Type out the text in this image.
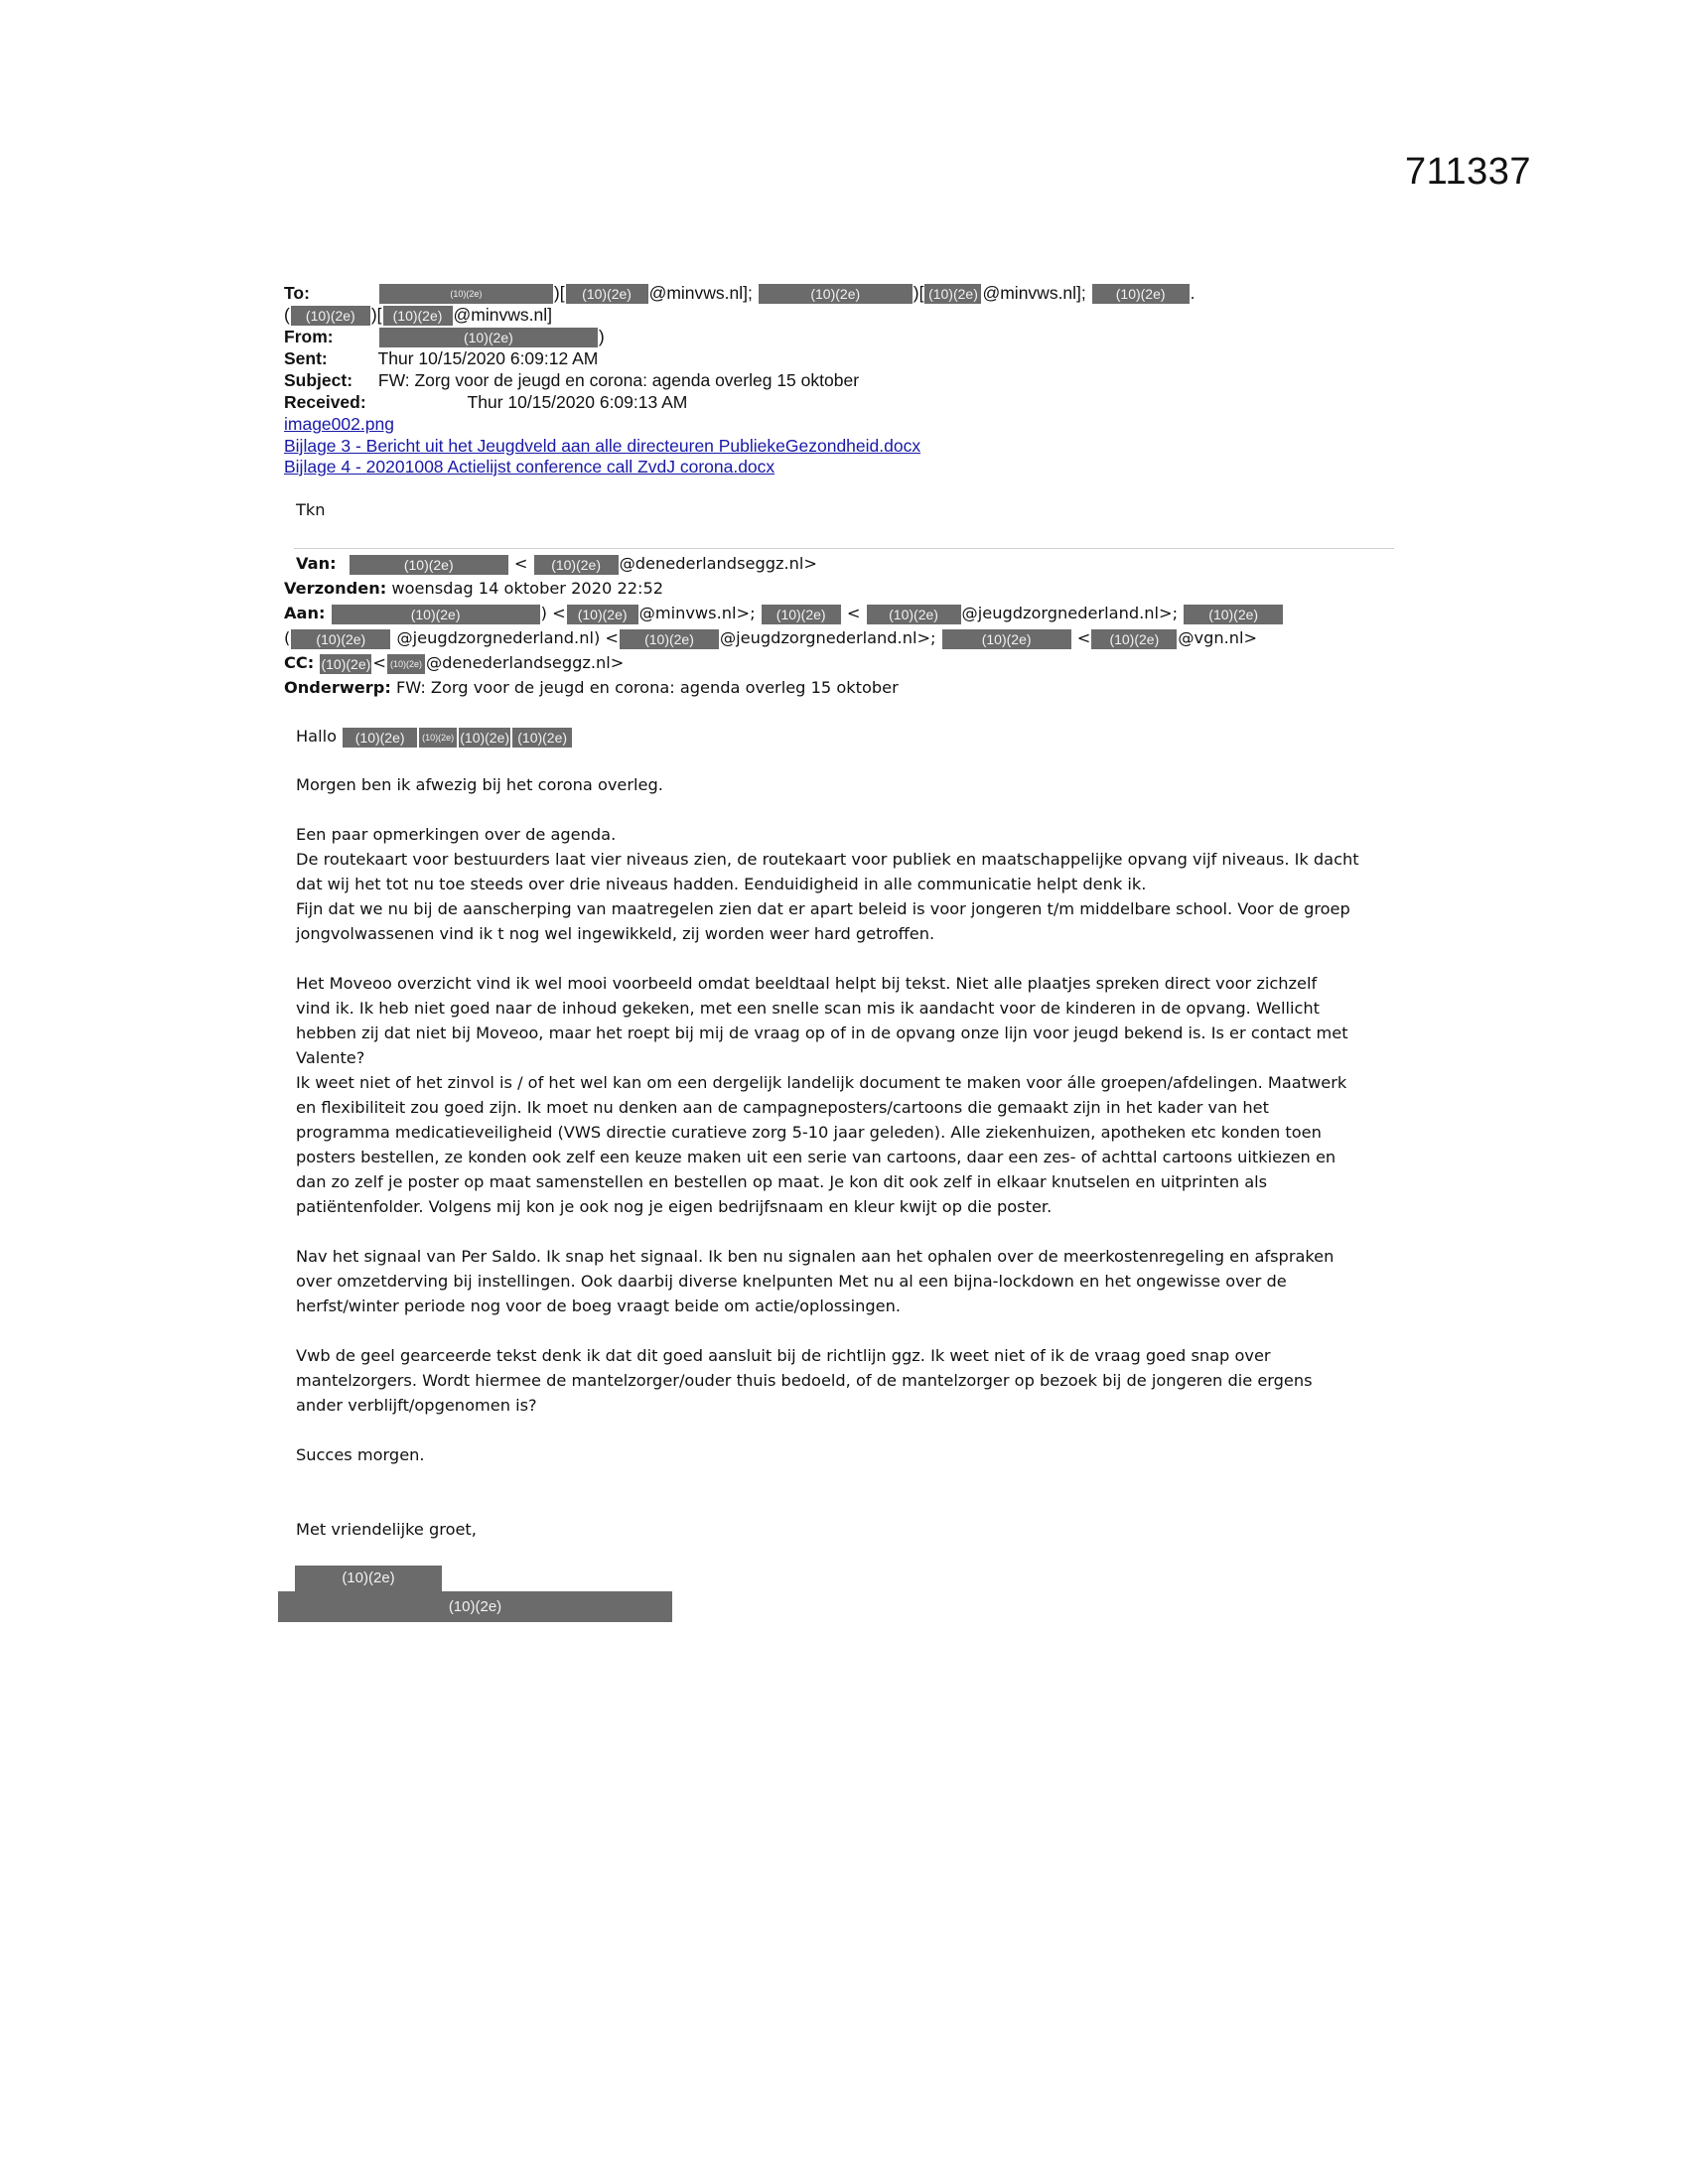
711337
To:	(10)(2e)	)[ (10)(2e) @minvws.nl];	(10)(2e)	)[ (10)(2e) @minvws.nl]; (10)(2e) .
( (10)(2e) )[ (10)(2e) @minvws.nl]
From:	(10)(2e)	)
Sent:	Thur 10/15/2020 6:09:12 AM
Subject: FW: Zorg voor de jeugd en corona: agenda overleg 15 oktober
Received:	Thur 10/15/2020 6:09:13 AM
image002.png
Bijlage 3 - Bericht uit het Jeugdveld aan alle directeuren PubliekeGezondheid.docx
Bijlage 4 - 20201008 Actielijst conference call ZvdJ corona.docx
Tkn
Van:	(10)(2e)	< (10)(2e) @denederlandseggz.nl>
Verzonden: woensdag 14 oktober 2020 22:52
Aan:	(10)(2e)	) < (10)(2e) @minvws.nl>; (10)(2e) < (10)(2e) @jeugdzorgnederland.nl>; (10)(2e)
( (10)(2e) @jeugdzorgnederland.nl) < (10)(2e) @jeugdzorgnederland.nl>;	(10)(2e)	< (10)(2e) @vgn.nl>
CC: (10)(2e) < (10)(2e) @denederlandseggz.nl>
Onderwerp: FW: Zorg voor de jeugd en corona: agenda overleg 15 oktober
Hallo (10)(2e) (10)(2e) (10)(2e) (10)(2e)
Morgen ben ik afwezig bij het corona overleg.
Een paar opmerkingen over de agenda.
De routekaart voor bestuurders laat vier niveaus zien, de routekaart voor publiek en maatschappelijke opvang vijf niveaus. Ik dacht
dat wij het tot nu toe steeds over drie niveaus hadden. Eenduidigheid in alle communicatie helpt denk ik.
Fijn dat we nu bij de aanscherping van maatregelen zien dat er apart beleid is voor jongeren t/m middelbare school. Voor de groep
jongvolwassenen vind ik t nog wel ingewikkeld, zij worden weer hard getroffen.
Het Moveoo overzicht vind ik wel mooi voorbeeld omdat beeldtaal helpt bij tekst. Niet alle plaatjes spreken direct voor zichzelf
vind ik. Ik heb niet goed naar de inhoud gekeken, met een snelle scan mis ik aandacht voor de kinderen in de opvang. Wellicht
hebben zij dat niet bij Moveoo, maar het roept bij mij de vraag op of in de opvang onze lijn voor jeugd bekend is. Is er contact met
Valente?
Ik weet niet of het zinvol is / of het wel kan om een dergelijk landelijk document te maken voor álle groepen/afdelingen. Maatwerk
en flexibiliteit zou goed zijn. Ik moet nu denken aan de campagneposters/cartoons die gemaakt zijn in het kader van het
programma medicatieveiligheid (VWS directie curatieve zorg 5-10 jaar geleden). Alle ziekenhuizen, apotheken etc konden toen
posters bestellen, ze konden ook zelf een keuze maken uit een serie van cartoons, daar een zes- of achttal cartoons uitkiezen en
dan zo zelf je poster op maat samenstellen en bestellen op maat. Je kon dit ook zelf in elkaar knutselen en uitprinten als
patiëntenfolder. Volgens mij kon je ook nog je eigen bedrijfsnaam en kleur kwijt op die poster.
Nav het signaal van Per Saldo. Ik snap het signaal. Ik ben nu signalen aan het ophalen over de meerkostenregeling en afspraken
over omzetderving bij instellingen. Ook daarbij diverse knelpunten Met nu al een bijna-lockdown en het ongewisse over de
herfst/winter periode nog voor de boeg vraagt beide om actie/oplossingen.
Vwb de geel gearceerde tekst denk ik dat dit goed aansluit bij de richtlijn ggz. Ik weet niet of ik de vraag goed snap over
mantelzorgers. Wordt hiermee de mantelzorger/ouder thuis bedoeld, of de mantelzorger op bezoek bij de jongeren die ergens
ander verblijft/opgenomen is?
Succes morgen.
Met vriendelijke groet,
(10)(2e)
(10)(2e)
